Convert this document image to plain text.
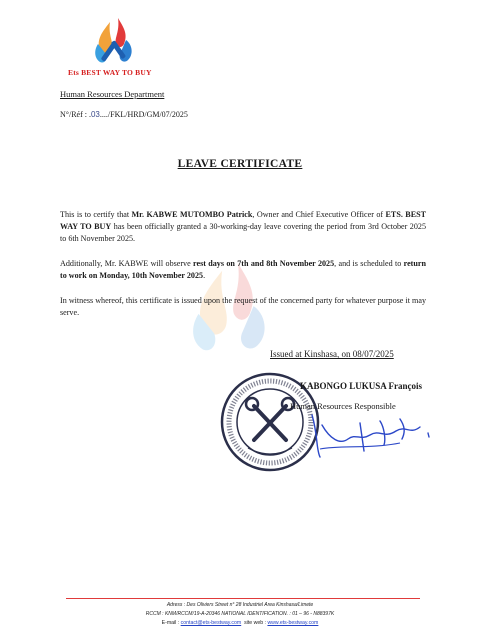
Ets BEST WAY TO BUY
Human Resources Department
N°/Réf : .03..../FKL/HRD/GM/07/2025
LEAVE CERTIFICATE
This is to certify that Mr. KABWE MUTOMBO Patrick, Owner and Chief Executive Officer of ETS. BEST WAY TO BUY has been officially granted a 30-working-day leave covering the period from 3rd October 2025 to 6th November 2025.
Additionally, Mr. KABWE will observe rest days on 7th and 8th November 2025, and is scheduled to return to work on Monday, 10th November 2025.
In witness whereof, this certificate is issued upon the request of the concerned party for whatever purpose it may serve.
Issued at Kinshasa, on 08/07/2025
KABONGO LUKUSA François
Human Resources Responsible
Adress : Des Oliviers Street n° 28 Industriel Area Kinshasa/Limete
RCCM : KNM/RCCM/19-A-20346 NATIONAL IDENTIFICATION. : 01 – 96 - N88397K
E-mail : contact@ets-bestway.com  site web : www.ets-bestway.com
